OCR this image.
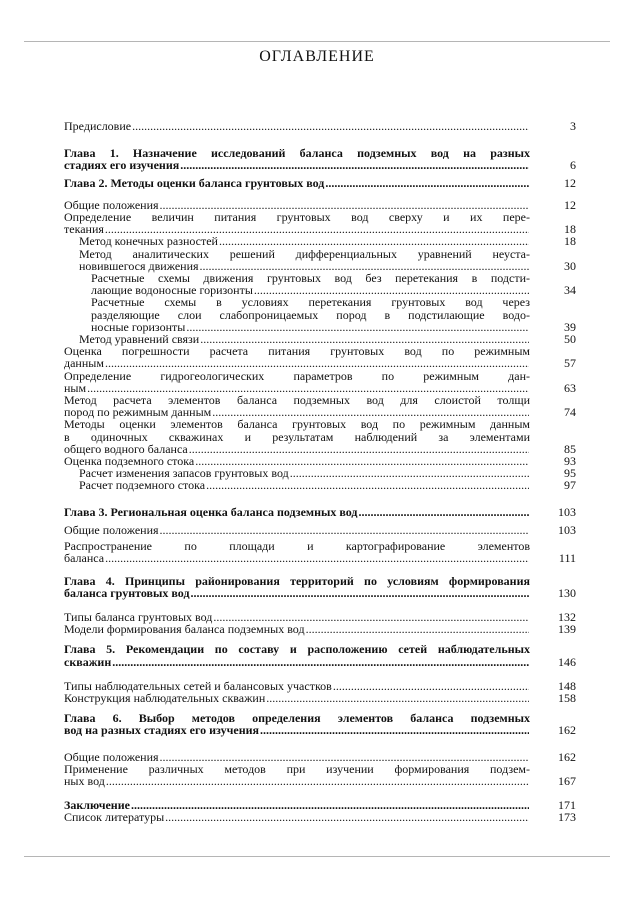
ОГЛАВЛЕНИЕ
Предисловие .....	3
Глава 1. Назначение исследований баланса подземных вод на разных
стадиях его изучения .....	6
Глава 2. Методы оценки баланса грунтовых вод .....	12
Общие положения .....	12
Определение величин питания грунтовых вод сверху и их пере-
текания .....	18
Метод конечных разностей .....	18
Метод аналитических решений дифференциальных уравнений неуста-
новившегося движения .....	30
Расчетные схемы движения грунтовых вод без перетекания в подсти-
лающие водоносные горизонты .....	34
Расчетные схемы в условиях перетекания грунтовых вод через
разделяющие слои слабопроницаемых пород в подстилающие водо-
носные горизонты .....	39
Метод уравнений связи .....	50
Оценка погрешности расчета питания грунтовых вод по режимным
данным .....	57
Определение гидрогеологических параметров по режимным дан-
ным .....	63
Метод расчета элементов баланса подземных вод для слоистой толщи
пород по режимным данным .....	74
Методы оценки элементов баланса грунтовых вод по режимным данным
в одиночных скважинах и результатам наблюдений за элементами
общего водного баланса .....	85
Оценка подземного стока .....	93
Расчет изменения запасов грунтовых вод .....	95
Расчет подземного стока .....	97
Глава 3. Региональная оценка баланса подземных вод .....	103
Общие положения .....	103
Распространение по площади и картографирование элементов
баланса .....	111
Глава 4. Принципы районирования территорий по условиям формирования
баланса грунтовых вод .....	130
Типы баланса грунтовых вод .....	132
Модели формирования баланса подземных вод .....	139
Глава 5. Рекомендации по составу и расположению сетей наблюдательных
скважин .....	146
Типы наблюдательных сетей и балансовых участков .....	148
Конструкция наблюдательных скважин .....	158
Глава 6. Выбор методов определения элементов баланса подземных
вод на разных стадиях его изучения .....	162
Общие положения .....	162
Применение различных методов при изучении формирования подзем-
ных вод .....	167
Заключение .....	171
Список литературы .....	173
